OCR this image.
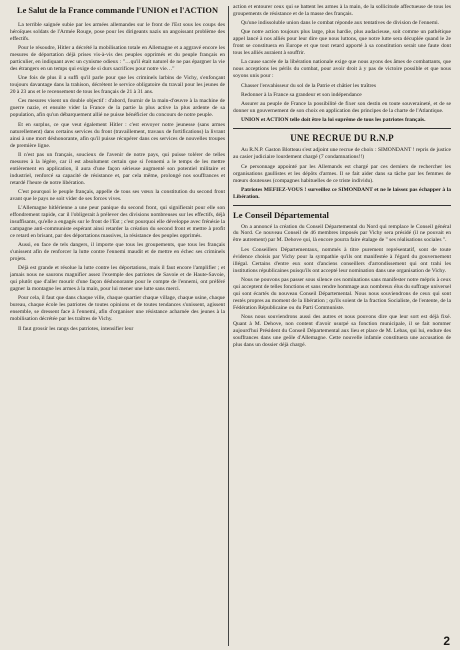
Le Salut de la France commande l'UNION et l'ACTION

La terrible saignée subie par les armées allemandes sur le front de l'Est sous les coups des héroïques soldats de l'Armée Rouge, pose pour les dirigeants nazis un angoissant problème des effectifs.

Pour le résoudre, Hitler a décrété la mobilisation totale en Allemagne et a aggravé encore les mesures de déportation déjà prises vis-à-vis des peuples opprimés et du peuple français en particulier, en indiquant avec un cynisme odieux : "…qu'il était naturel de ne pas épargner la vie des étrangers en un temps qui exige de si durs sacrifices pour notre vie…"

Une fois de plus il a suffi qu'il parle pour que les criminels larbins de Vichy, s'enfonçant toujours davantage dans la trahison, décrètent le service obligatoire du travail pour les jeunes de 20 à 23 ans et le recensement de tous les français de 21 à 31 ans.

Ces mesures visent un double objectif : d'abord, fournir de la main-d'œuvre à la machine de guerre nazie, et ensuite vider la France de la partie la plus active la plus ardente de sa population, afin qu'un débarquement allié ne puisse bénéficier du concours de notre peuple.

Et en surplus, ce que veut également Hitler : c'est envoyer notre jeunesse (sans armes naturellement) dans certains services du front (travaillement, travaux de fortifications) la livrant ainsi à une mort déshonorante, afin qu'il puisse récupérer dans ces services de nouvelles troupes de première ligne.

Il n'est pas un français, soucieux de l'avenir de notre pays, qui puisse tolérer de telles mesures à la légère, car il est absolument certain que si l'ennemi a le temps de les mettre entièrement en application, il aura d'une façon sérieuse augmenté son potentiel militaire et industriel, renforcé sa capacité de résistance et, par cela même, prolongé nos souffrances et retardé l'heure de notre libération.

C'est pourquoi le peuple français, appelle de tous ses vœux la constitution du second front avant que le pays ne soit vider de ses forces vives.

L'Allemagne hitlérienne a une peur panique du second front, qui signifierait pour elle son effondrement rapide, car il l'obligerait à prélever des divisions nombreuses sur les effectifs, déjà insuffisants, qu'elle a engagés sur le front de l'Est ; c'est pourquoi elle développe avec frénésie la campagne anti-communiste espérant ainsi retarder la création du second front et mettre à profit ce retard en brisant, par des déportations massives, la résistance des peuples opprimés.

Aussi, en face de tels dangers, il importe que tous les groupements, que tous les français s'unissent afin de renforcer la lutte contre l'ennemi maudit et de mettre en échec ses criminels projets.

Déjà est grande et résolue la lutte contre les déportations, mais il faut encore l'amplifier ; et jamais nous ne saurons magnifier assez l'exemple des patriotes de Savoie et de Haute-Savoie, qui plutôt que d'aller mourir d'une façon déshonorante pour le compte de l'ennemi, ont préféré gagner la montagne les armes à la main, pour lui mener une lutte sans merci.

Pour cela, il faut que dans chaque ville, chaque quartier chaque village, chaque usine, chaque bureau, chaque école les patriotes de toutes opinions et de toutes tendances s'unissent, agissent ensemble, se dressent face à l'ennemi, afin d'organiser une résistance acharnée des jeunes à la mobilisation décrétée par les traîtres de Vichy.

Il faut grossir les rangs des patriotes, intensifier leur

action et entourer ceux qui se battent les armes à la main, de la sollicitude affectueuse de tous les groupements de résistance et de la masse des français.

Qu'une indissoluble union dans le combat réponde aux tentatives de division de l'ennemi.

Que notre action toujours plus large, plus hardie, plus audacieuse, soit comme un pathétique appel lancé à nos alliés pour leur dire que nous luttons, que notre lutte sera décuplée quand le 2e front se constituera en Europe et que tout retard apporté à sa constitution serait une faute dont tous les alliés auraient à souffrir.

La cause sacrée de la libération nationale exige que nous ayons des âmes de combattants, que nous acceptions les périls du combat, pour avoir droit à y pas de victoire possible et que nous soyons unis pour :

Chasser l'envahisseur du sol de la Patrie et châtier les traîtres

Redonner à la France sa grandeur et son indépendance

Assurer au peuple de France la possibilité de fixer son destin en toute souveraineté, et de se donner un gouvernement de son choix en application des principes de la charte de l'Atlantique.

UNION et ACTION telle doit être la loi suprême de tous les patriotes français.

UNE RECRUE DU R.N.P

Au R.N.P. Gaston Blotteau s'est adjoint une recrue de choix : SIMONDANT ! repris de justice au casier judiciaire lourdement chargé (7 condamnations!!)

Ce personnage appointé par les Allemands est chargé par ces derniers de rechercher les organisations gaullistes et les dépôts d'armes. Il se fait aider dans sa tâche par les femmes de mœurs douteuses (compagnes habituelles de ce triste individu).

Patriotes MEFIEZ-VOUS ! surveillez ce SIMONDANT et ne le laissez pas échapper à la Libération.

Le Conseil Départemental

On a annoncé la création du Conseil Départemental du Nord qui remplace le Conseil général du Nord. Ce nouveau Conseil de 46 membres imposés par Vichy sera présidé (il ne pouvait en être autrement) par M. Dehove qui, là encore pourra faire étalage de " ses réalisations sociales ".

Les Conseillers Départementaux, nommés à titre purement représentatif, sont de toute évidence choisis par Vichy pour la sympathie qu'ils ont manifestée à l'égard du gouvernement illégal. Certains d'entre eux sont d'anciens conseillers d'arrondissement qui ont trahi les institutions républicaines puisqu'ils ont accepté leur nomination dans une organisation de Vichy.

Nous ne pouvons pas passer sous silence ces nominations sans manifester notre mépris à ceux qui acceptent de telles fonctions et sans rendre hommage aux nombreux élus du suffrage universel qui sont écartés du nouveau Conseil Départemental. Nous nous souviendrons de ceux qui sont restés propres au moment de la libération ; qu'ils soient de la fraction Socialiste, de l'entente, de la Fédération Républicaine ou du Parti Communiste.

Nous nous souviendrons aussi des autres et nous pouvons dire que leur sort est déjà fixé. Quant à M. Dehove, non content d'avoir usurpé sa fonction municipale, il se fait nommer aujourd'hui Président du Conseil Départemental aux lieu et place de M. Lebas, qui lui, endure des souffrances dans une geôle d'Allemagne. Cette nouvelle infamie constituera une accusation de plus dans un dossier déjà chargé.

2
